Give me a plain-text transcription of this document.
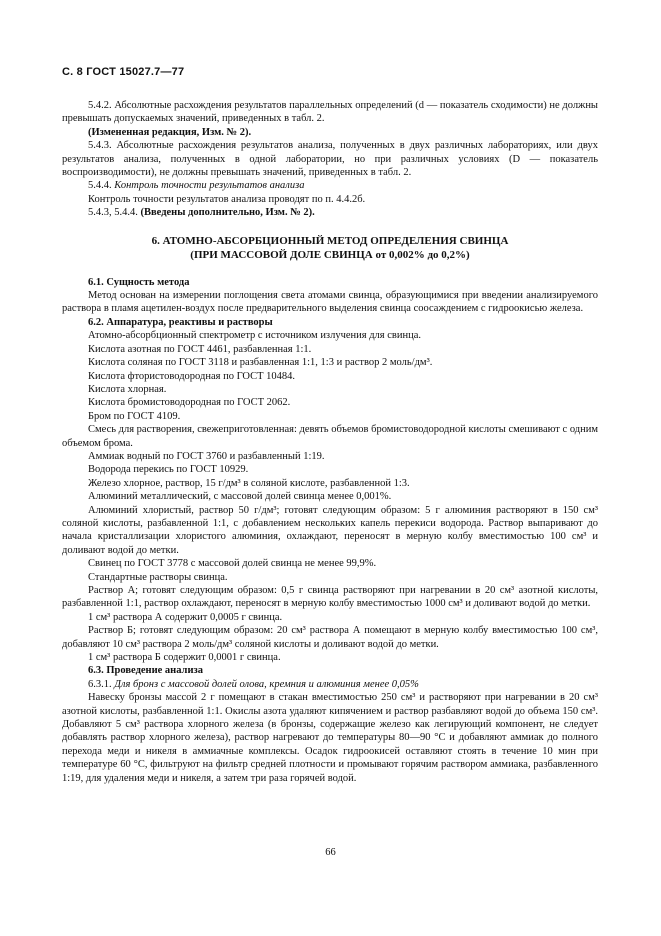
С. 8 ГОСТ 15027.7—77

5.4.2. Абсолютные расхождения результатов параллельных определений (d — показатель сходимости) не должны превышать допускаемых значений, приведенных в табл. 2.

(Измененная редакция, Изм. № 2).

5.4.3. Абсолютные расхождения результатов анализа, полученных в двух различных лабораториях, или двух результатов анализа, полученных в одной лаборатории, но при различных условиях (D — показатель воспроизводимости), не должны превышать значений, приведенных в табл. 2.

5.4.4. Контроль точности результатов анализа

Контроль точности результатов анализа проводят по п. 4.4.2б.

5.4.3, 5.4.4. (Введены дополнительно, Изм. № 2).

6. АТОМНО-АБСОРБЦИОННЫЙ МЕТОД ОПРЕДЕЛЕНИЯ СВИНЦА
(ПРИ МАССОВОЙ ДОЛЕ СВИНЦА от 0,002% до 0,2%)

6.1. Сущность метода

Метод основан на измерении поглощения света атомами свинца, образующимися при введении анализируемого раствора в пламя ацетилен-воздух после предварительного выделения свинца соосаждением с гидроокисью железа.

6.2. Аппаратура, реактивы и растворы

Атомно-абсорбционный спектрометр с источником излучения для свинца.

Кислота азотная по ГОСТ 4461, разбавленная 1:1.

Кислота соляная по ГОСТ 3118 и разбавленная 1:1, 1:3 и раствор 2 моль/дм³.

Кислота фтористоводородная по ГОСТ 10484.

Кислота хлорная.

Кислота бромистоводородная по ГОСТ 2062.

Бром по ГОСТ 4109.

Смесь для растворения, свежеприготовленная: девять объемов бромистоводородной кислоты смешивают с одним объемом брома.

Аммиак водный по ГОСТ 3760 и разбавленный 1:19.

Водорода перекись по ГОСТ 10929.

Железо хлорное, раствор, 15 г/дм³ в соляной кислоте, разбавленной 1:3.

Алюминий металлический, с массовой долей свинца менее 0,001%.

Алюминий хлористый, раствор 50 г/дм³; готовят следующим образом: 5 г алюминия растворяют в 150 см³ соляной кислоты, разбавленной 1:1, с добавлением нескольких капель перекиси водорода. Раствор выпаривают до начала кристаллизации хлористого алюминия, охлаждают, переносят в мерную колбу вместимостью 100 см³ и доливают водой до метки.

Свинец по ГОСТ 3778 с массовой долей свинца не менее 99,9%.

Стандартные растворы свинца.

Раствор А; готовят следующим образом: 0,5 г свинца растворяют при нагревании в 20 см³ азотной кислоты, разбавленной 1:1, раствор охлаждают, переносят в мерную колбу вместимостью 1000 см³ и доливают водой до метки.

1 см³ раствора А содержит 0,0005 г свинца.

Раствор Б; готовят следующим образом: 20 см³ раствора А помещают в мерную колбу вместимостью 100 см³, добавляют 10 см³ раствора 2 моль/дм³ соляной кислоты и доливают водой до метки.

1 см³ раствора Б содержит 0,0001 г свинца.

6.3. Проведение анализа

6.3.1. Для бронз с массовой долей олова, кремния и алюминия менее 0,05%

Навеску бронзы массой 2 г помещают в стакан вместимостью 250 см³ и растворяют при нагревании в 20 см³ азотной кислоты, разбавленной 1:1. Окислы азота удаляют кипячением и раствор разбавляют водой до объема 150 см³. Добавляют 5 см³ раствора хлорного железа (в бронзы, содержащие железо как легирующий компонент, не следует добавлять раствор хлорного железа), раствор нагревают до температуры 80—90 °С и добавляют аммиак до полного перехода меди и никеля в аммиачные комплексы. Осадок гидроокисей оставляют стоять в течение 10 мин при температуре 60 °С, фильтруют на фильтр средней плотности и промывают горячим раствором аммиака, разбавленного 1:19, для удаления меди и никеля, а затем три раза горячей водой.

66
